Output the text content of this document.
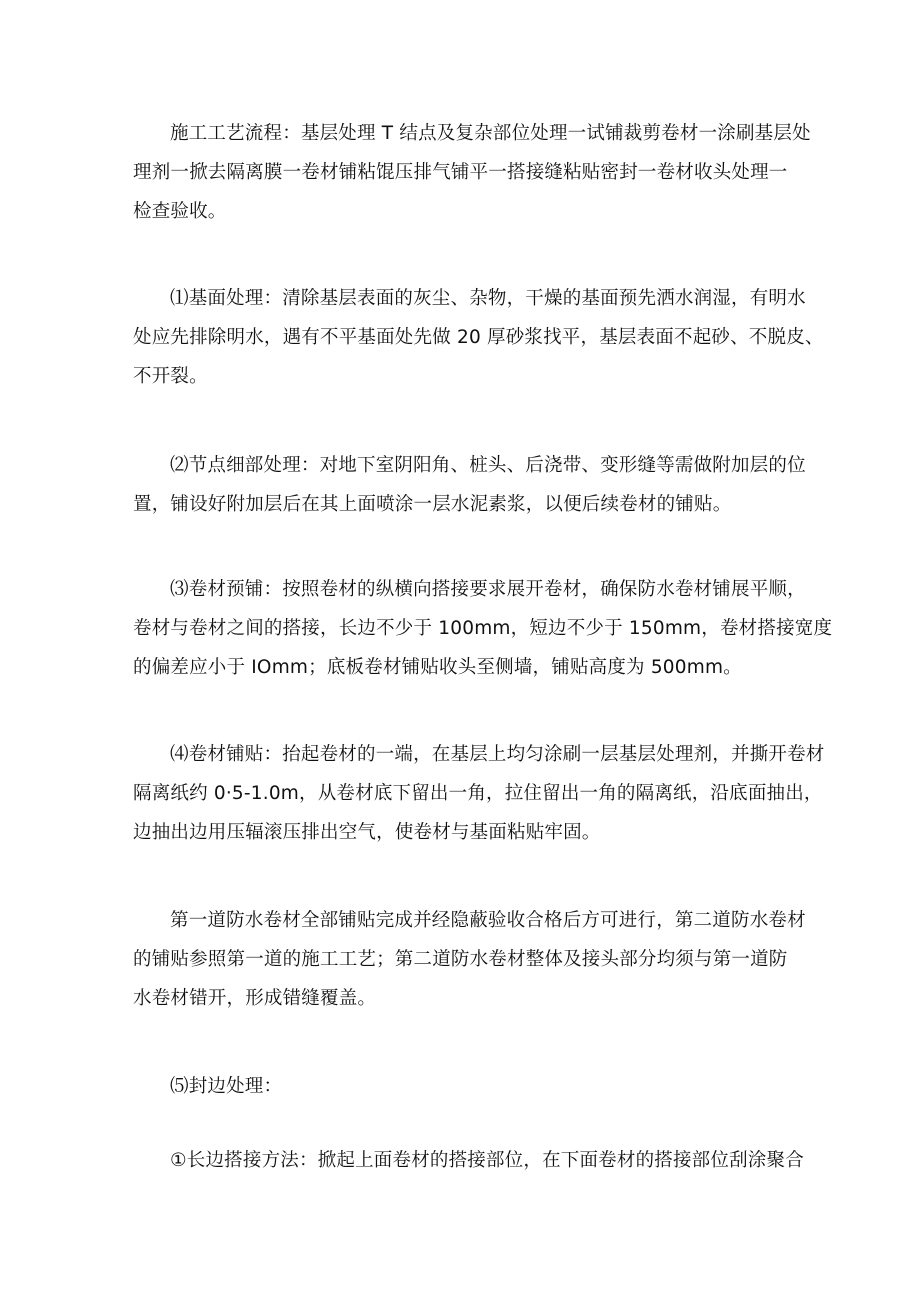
施工工艺流程：基层处理 T 结点及复杂部位处理一试铺裁剪卷材一涂刷基层处
理剂一掀去隔离膜一卷材铺粘馄压排气铺平一搭接缝粘贴密封一卷材收头处理一
检查验收。

⑴基面处理：清除基层表面的灰尘、杂物，干燥的基面预先洒水润湿，有明水
处应先排除明水，遇有不平基面处先做 20 厚砂浆找平，基层表面不起砂、不脱皮、
不开裂。

⑵节点细部处理：对地下室阴阳角、桩头、后浇带、变形缝等需做附加层的位
置，铺设好附加层后在其上面喷涂一层水泥素浆，以便后续卷材的铺贴。

⑶卷材预铺：按照卷材的纵横向搭接要求展开卷材，确保防水卷材铺展平顺，
卷材与卷材之间的搭接，长边不少于 100mm，短边不少于 150mm，卷材搭接宽度
的偏差应小于 IOmm；底板卷材铺贴收头至侧墙，铺贴高度为 500mm。

⑷卷材铺贴：抬起卷材的一端，在基层上均匀涂刷一层基层处理剂，并撕开卷材
隔离纸约 0·5-1.0m，从卷材底下留出一角，拉住留出一角的隔离纸，沿底面抽出，
边抽出边用压辐滚压排出空气，使卷材与基面粘贴牢固。

第一道防水卷材全部铺贴完成并经隐蔽验收合格后方可进行，第二道防水卷材
的铺贴参照第一道的施工工艺；第二道防水卷材整体及接头部分均须与第一道防
水卷材错开，形成错缝覆盖。

⑸封边处理：

①长边搭接方法：掀起上面卷材的搭接部位，在下面卷材的搭接部位刮涂聚合
